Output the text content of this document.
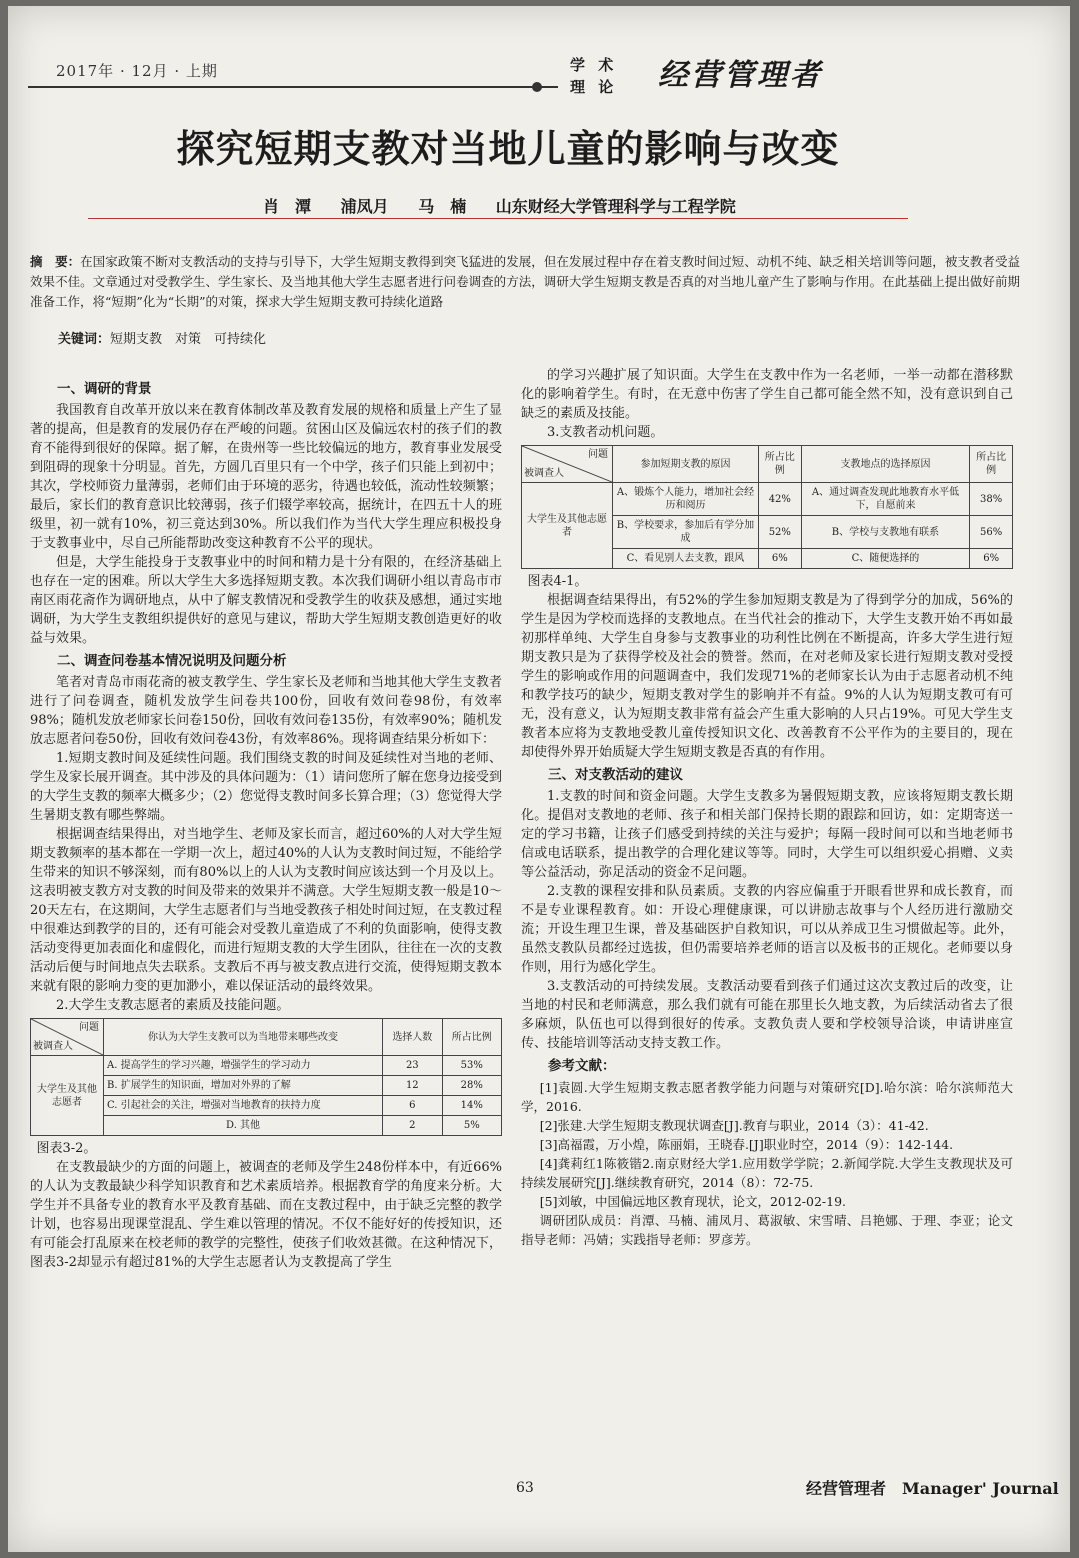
2017年 · 12月 · 上期	学 术
理 论 经营管理者
探究短期支教对当地儿童的影响与改变
肖　潭 浦凤月 马　楠 山东财经大学管理科学与工程学院
摘　要：在国家政策不断对支教活动的支持与引导下，大学生短期支教得到突飞猛进的发展，但在发展过程中存在着支教时间过短、动机不纯、缺乏相关培训等问题，被支教者受益效果不佳。文章通过对受教学生、学生家长、及当地其他大学生志愿者进行问卷调查的方法，调研大学生短期支教是否真的对当地儿童产生了影响与作用。在此基础上提出做好前期准备工作，将“短期”化为“长期”的对策，探求大学生短期支教可持续化道路
关键词：短期支教　对策　可持续化
一、调研的背景

我国教育自改革开放以来在教育体制改革及教育发展的规格和质量上产生了显著的提高，但是教育的发展仍存在严峻的问题。贫困山区及偏远农村的孩子们的教育不能得到很好的保障。据了解，在贵州等一些比较偏远的地方，教育事业发展受到阻碍的现象十分明显。首先，方圆几百里只有一个中学，孩子们只能上到初中；其次，学校师资力量薄弱，老师们由于环境的恶劣，待遇也较低，流动性较频繁；最后，家长们的教育意识比较薄弱，孩子们辍学率较高，据统计，在四五十人的班级里，初一就有10%，初三竟达到30%。所以我们作为当代大学生理应积极投身于支教事业中，尽自己所能帮助改变这种教育不公平的现状。

但是，大学生能投身于支教事业中的时间和精力是十分有限的，在经济基础上也存在一定的困难。所以大学生大多选择短期支教。本次我们调研小组以青岛市市南区雨花斋作为调研地点，从中了解支教情况和受教学生的收获及感想，通过实地调研，为大学生支教组织提供好的意见与建议，帮助大学生短期支教创造更好的收益与效果。

二、调查问卷基本情况说明及问题分析

笔者对青岛市雨花斋的被支教学生、学生家长及老师和当地其他大学生支教者进行了问卷调查，随机发放学生问卷共100份，回收有效问卷98份，有效率98%；随机发放老师家长问卷150份，回收有效问卷135份，有效率90%；随机发放志愿者问卷50份，回收有效问卷43份，有效率86%。现将调查结果分析如下：

1.短期支教时间及延续性问题。我们围绕支教的时间及延续性对当地的老师、学生及家长展开调查。其中涉及的具体问题为：（1）请问您所了解在您身边接受到的大学生支教的频率大概多少；（2）您觉得支教时间多长算合理；（3）您觉得大学生暑期支教有哪些弊端。

根据调查结果得出，对当地学生、老师及家长而言，超过60%的人对大学生短期支教频率的基本都在一学期一次上，超过40%的人认为支教时间过短，不能给学生带来的知识不够深刻，而有80%以上的人认为支教时间应该达到一个月及以上。这表明被支教方对支教的时间及带来的效果并不满意。大学生短期支教一般是10～20天左右，在这期间，大学生志愿者们与当地受教孩子相处时间过短，在支教过程中很难达到教学的目的，还有可能会对受教儿童造成了不利的负面影响，使得支教活动变得更加表面化和虚假化，而进行短期支教的大学生团队，往往在一次的支教活动后便与时间地点失去联系。支教后不再与被支教点进行交流，使得短期支教本来就有限的影响力变的更加渺小，难以保证活动的最终效果。

2.大学生支教志愿者的素质及技能问题。

问题
被调查人	你认为大学生支教可以为当地带来哪些改变	选择人数	所占比例
大学生及其他志愿者	A. 提高学生的学习兴趣，增强学生的学习动力	23	53%
	B. 扩展学生的知识面，增加对外界的了解	12	28%
	C. 引起社会的关注，增强对当地教育的扶持力度	6	14%
	D. 其他	2	5%

图表3-2。

在支教最缺少的方面的问题上，被调查的老师及学生248份样本中，有近66%的人认为支教最缺少科学知识教育和艺术素质培养。根据教育学的角度来分析。大学生并不具备专业的教育水平及教育基础、而在支教过程中，由于缺乏完整的教学计划，也容易出现课堂混乱、学生难以管理的情况。不仅不能好好的传授知识，还有可能会打乱原来在校老师的教学的完整性，使孩子们收效甚微。在这种情况下，图表3-2却显示有超过81%的大学生志愿者认为支教提高了学生

的学习兴趣扩展了知识面。大学生在支教中作为一名老师，一举一动都在潜移默化的影响着学生。有时，在无意中伤害了学生自己都可能全然不知，没有意识到自己缺乏的素质及技能。

3.支教者动机问题。

问题
被调查人	参加短期支教的原因	所占比例	支教地点的选择原因	所占比例
大学生及其他志愿者	A、锻炼个人能力，增加社会经历和阅历	42%	A、通过调查发现此地教育水平低下，自愿前来	38%
	B、学校要求，参加后有学分加成	52%	B、学校与支教地有联系	56%
	C、看见别人去支教，跟风	6%	C、随便选择的	6%

图表4-1。

根据调查结果得出，有52%的学生参加短期支教是为了得到学分的加成，56%的学生是因为学校而选择的支教地点。在当代社会的推动下，大学生支教开始不再如最初那样单纯、大学生自身参与支教事业的功利性比例在不断提高，许多大学生进行短期支教只是为了获得学校及社会的赞誉。然而，在对老师及家长进行短期支教对受授学生的影响或作用的问题调查中，我们发现71%的老师家长认为由于志愿者动机不纯和教学技巧的缺少，短期支教对学生的影响并不有益。9%的人认为短期支教可有可无，没有意义，认为短期支教非常有益会产生重大影响的人只占19%。可见大学生支教者本应将为支教地受教儿童传授知识文化、改善教育不公平作为的主要目的，现在却使得外界开始质疑大学生短期支教是否真的有作用。

三、对支教活动的建议

1.支教的时间和资金问题。大学生支教多为暑假短期支教，应该将短期支教长期化。提倡对支教地的老师、孩子和相关部门保持长期的跟踪和回访，如：定期寄送一定的学习书籍，让孩子们感受到持续的关注与爱护；每隔一段时间可以和当地老师书信或电话联系，提出教学的合理化建议等等。同时，大学生可以组织爱心捐赠、义卖等公益活动，弥足活动的资金不足问题。

2.支教的课程安排和队员素质。支教的内容应偏重于开眼看世界和成长教育，而不是专业课程教育。如：开设心理健康课，可以讲励志故事与个人经历进行激励交流；开设生理卫生课，普及基础医护自救知识，可以从养成卫生习惯做起等。此外，虽然支教队员都经过选拔，但仍需要培养老师的语言以及板书的正规化。老师要以身作则，用行为感化学生。

3.支教活动的可持续发展。支教活动要看到孩子们通过这次支教过后的改变，让当地的村民和老师满意，那么我们就有可能在那里长久地支教，为后续活动省去了很多麻烦，队伍也可以得到很好的传承。支教负责人要和学校领导洽谈，申请讲座宣传、技能培训等活动支持支教工作。

参考文献：

[1]袁圆.大学生短期支教志愿者教学能力问题与对策研究[D].哈尔滨：哈尔滨师范大学，2016.

[2]张建.大学生短期支教现状调查[J].教育与职业，2014（3）：41-42.

[3]高福霞，万小煌，陈丽娟，王晓春.[J]职业时空，2014（9）：142-144.

[4]龚莉红1陈筱锴2.南京财经大学1.应用数学学院；2.新闻学院.大学生支教现状及可持续发展研究[J].继续教育研究，2014（8）：72-75.

[5]刘敏，中国偏远地区教育现状，论文，2012-02-19.

调研团队成员：肖潭、马楠、浦凤月、葛淑敏、宋雪晴、吕艳娜、于理、李亚；论文指导老师：冯婧；实践指导老师：罗彦芳。

63	经营管理者　Manager' Journal
